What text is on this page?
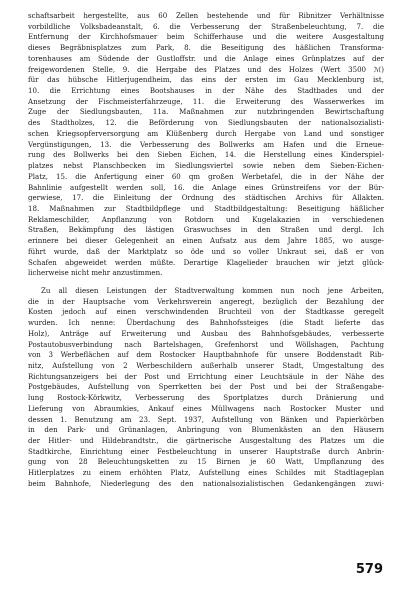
schaftsarbeit hergestellte, aus 60 Zellen bestehende und für Ribnitzer Verhältnisse
vorbildliche Volksbadeanstalt, 6. die Verbesserung der Straßenbeleuchtung, 7. die
Entfernung der Kirchhofsmauer beim Schifferhause und die weitere Ausgestaltung
dieses Begräbnisplatzes zum Park, 8. die Beseitigung des häßlichen Transforma-
torenhauses am Südende der Gustloffstr. und die Anlage eines Grünplatzes auf der
freigewordenen Stelle, 9. die Hergabe des Platzes und des Holzes (Wert 3500 ℳ)
für das hübsche Hitlerjugendheim, das eins der ersten im Gau Mecklenburg ist,
10. die Errichtung eines Bootshauses in der Nähe des Stadtbades und der
Ansetzung der Fischmeisterfahrzeuge, 11. die Erweiterung des Wasserwerkes im
Zuge der Siedlungsbauten, 11a. Maßnahmen zur nutzbringenden Bewirtschaftung
des Stadtholzes, 12. die Beförderung von Siedlungsbauten der nationalsozialisti-
schen Kriegsopferversorgung am Klüßenberg durch Hergabe von Land und sonstiger
Vergünstigungen, 13. die Verbesserung des Bollwerks am Hafen und die Erneue-
rung des Bollwerks bei den Sieben Eichen, 14. die Herstellung eines Kinderspiel-
platzes nebst Planschbecken im Siedlungsviertel sowie neben dem Sieben-Eichen-
Platz, 15. die Anfertigung einer 60 qm großen Werbetafel, die in der Nähe der
Bahnlinie aufgestellt werden soll, 16. die Anlage eines Grünstreifens vor der Bür-
gerwiese, 17. die Einleitung der Ordnung des städtischen Archivs für Allakten.
18. Maßnahmen zur Stadtbildpflege und Stadtbildgestaltung: Beseitigung häßlicher
Reklameschilder, Anpflanzung von Rotdorn und Kugelakazien in verschiedenen
Straßen, Bekämpfung des lästigen Graswuchses in den Straßen und dergl. Ich
erinnere bei dieser Gelegenheit an einen Aufsatz aus dem Jahre 1885, wo ausge-
führt wurde, daß der Marktplatz so öde und so voller Unkraut sei, daß er von
Schafen abgeweidet werden müßte. Derartige Klagelieder brauchen wir jetzt glück-
licherweise nicht mehr anzustimmen.
Zu all diesen Leistungen der Stadtverwaltung kommen nun noch jene Arbeiten,
die in der Hauptsache vom Verkehrsverein angeregt, bezüglich der Bezahlung der
Kosten jedoch auf einen verschwindenden Bruchteil von der Stadtkasse geregelt
wurden. Ich nenne: Überdachung des Bahnhofssteiges (die Stadt lieferte das
Holz), Anträge auf Erweiterung und Ausbau des Bahnhofsgebäudes, verbesserte
Postautobusverbindung nach Bartelshagen, Grefenhorst und Wöllshagen, Pachtung
von 3 Werbeflächen auf dem Rostocker Hauptbahnhofe für unsere Boddenstadt Rib-
nitz, Aufstellung von 2 Werbeschildern außerhalb unserer Stadt, Umgestaltung des
Richtungsanzeigers bei der Post und Errichtung einer Leuchtsäule in der Nähe des
Postgebäudes, Aufstellung von Sperrketten bei der Post und bei der Straßengabe-
lung Rostock-Körkwitz, Verbesserung des Sportplatzes durch Dränierung und
Lieferung von Abraumkies, Ankauf eines Müllwagens nach Rostocker Muster und
dessen 1. Benutzung am 23. Sept. 1937, Aufstellung von Bänken und Papierkörben
in den Park- und Grünanlagen, Anbringung von Blumenkästen an den Häusern
der Hitler- und Hildebrandtstr., die gärtnerische Ausgestaltung des Platzes um die
Stadtkirche, Einrichtung einer Festbeleuchtung in unserer Hauptstraße durch Anbrin-
gung von 28 Beleuchtungsketten zu 15 Birnen je 60 Watt, Umpflanzung des
Hitlerplatzes zu einem erhöhten Platz, Aufstellung eines Schildes mit Stadtlageplan
beim Bahnhofe, Niederlegung des den nationalsozialistischen Gedankengängen zuwi-
579
